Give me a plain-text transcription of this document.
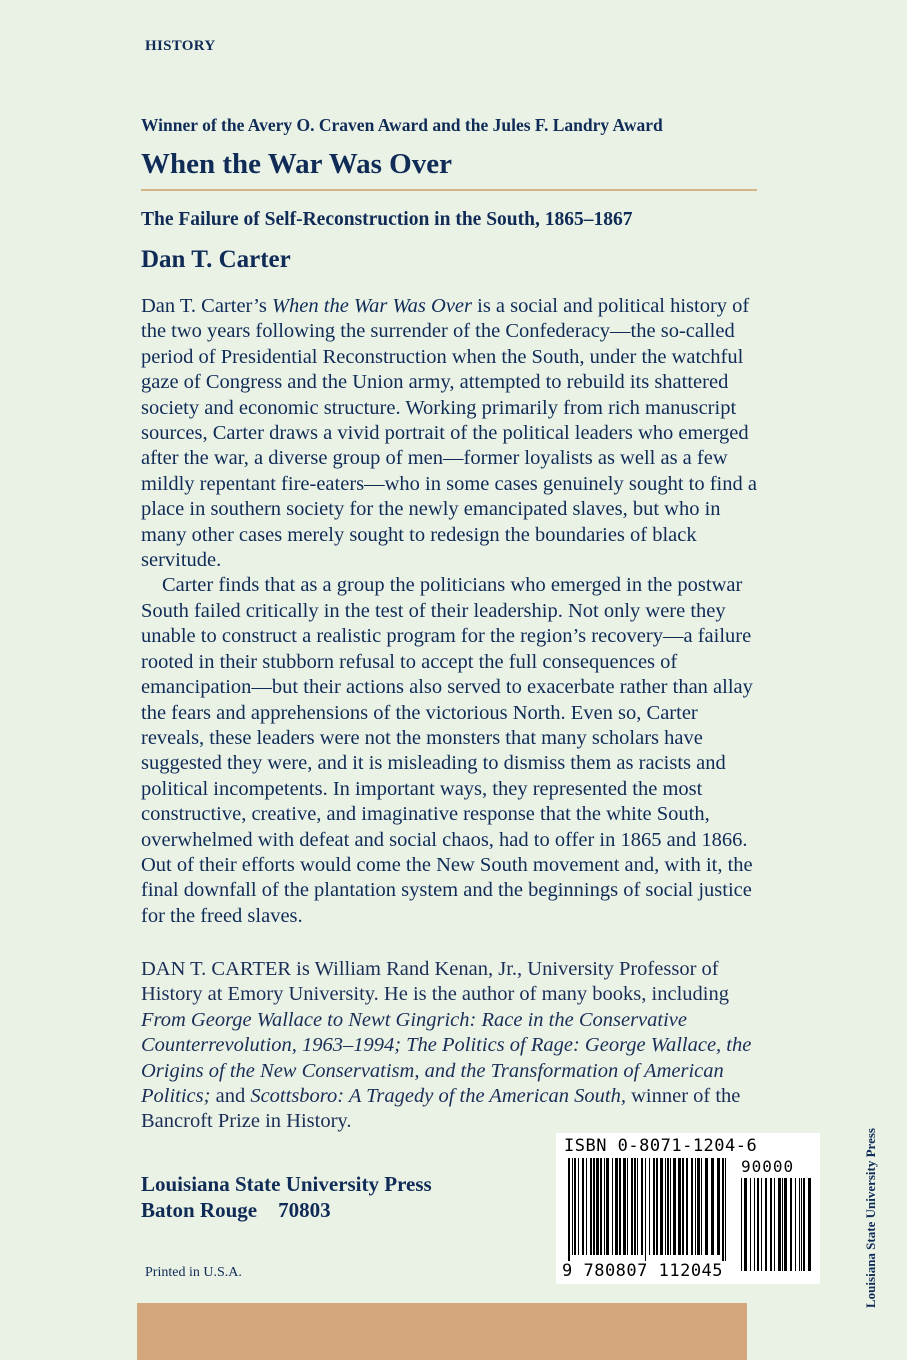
HISTORY
Winner of the Avery O. Craven Award and the Jules F. Landry Award
When the War Was Over
The Failure of Self-Reconstruction in the South, 1865–1867
Dan T. Carter

Dan T. Carter’s When the War Was Over is a social and political history of the two years following the surrender of the Confederacy—the so-called period of Presidential Reconstruction when the South, under the watchful gaze of Congress and the Union army, attempted to rebuild its shattered society and economic structure. Working primarily from rich manuscript sources, Carter draws a vivid portrait of the political leaders who emerged after the war, a diverse group of men—former loyalists as well as a few mildly repentant fire-eaters—who in some cases genuinely sought to find a place in southern society for the newly emancipated slaves, but who in many other cases merely sought to redesign the boundaries of black servitude.

Carter finds that as a group the politicians who emerged in the postwar South failed critically in the test of their leadership. Not only were they unable to construct a realistic program for the region’s recovery—a failure rooted in their stubborn refusal to accept the full consequences of emancipation—but their actions also served to exacerbate rather than allay the fears and apprehensions of the victorious North. Even so, Carter reveals, these leaders were not the monsters that many scholars have suggested they were, and it is misleading to dismiss them as racists and political incompetents. In important ways, they represented the most constructive, creative, and imaginative response that the white South, overwhelmed with defeat and social chaos, had to offer in 1865 and 1866. Out of their efforts would come the New South movement and, with it, the final downfall of the plantation system and the beginnings of social justice for the freed slaves.

DAN T. CARTER is William Rand Kenan, Jr., University Professor of History at Emory University. He is the author of many books, including From George Wallace to Newt Gingrich: Race in the Conservative Counterrevolution, 1963–1994; The Politics of Rage: George Wallace, the Origins of the New Conservatism, and the Transformation of American Politics; and Scottsboro: A Tragedy of the American South, winner of the Bancroft Prize in History.
Louisiana State University Press
Baton Rouge    70803
Printed in U.S.A.
ISBN 0-8071-1204-6
90000
9 780807 112045	Louisiana State University Press
